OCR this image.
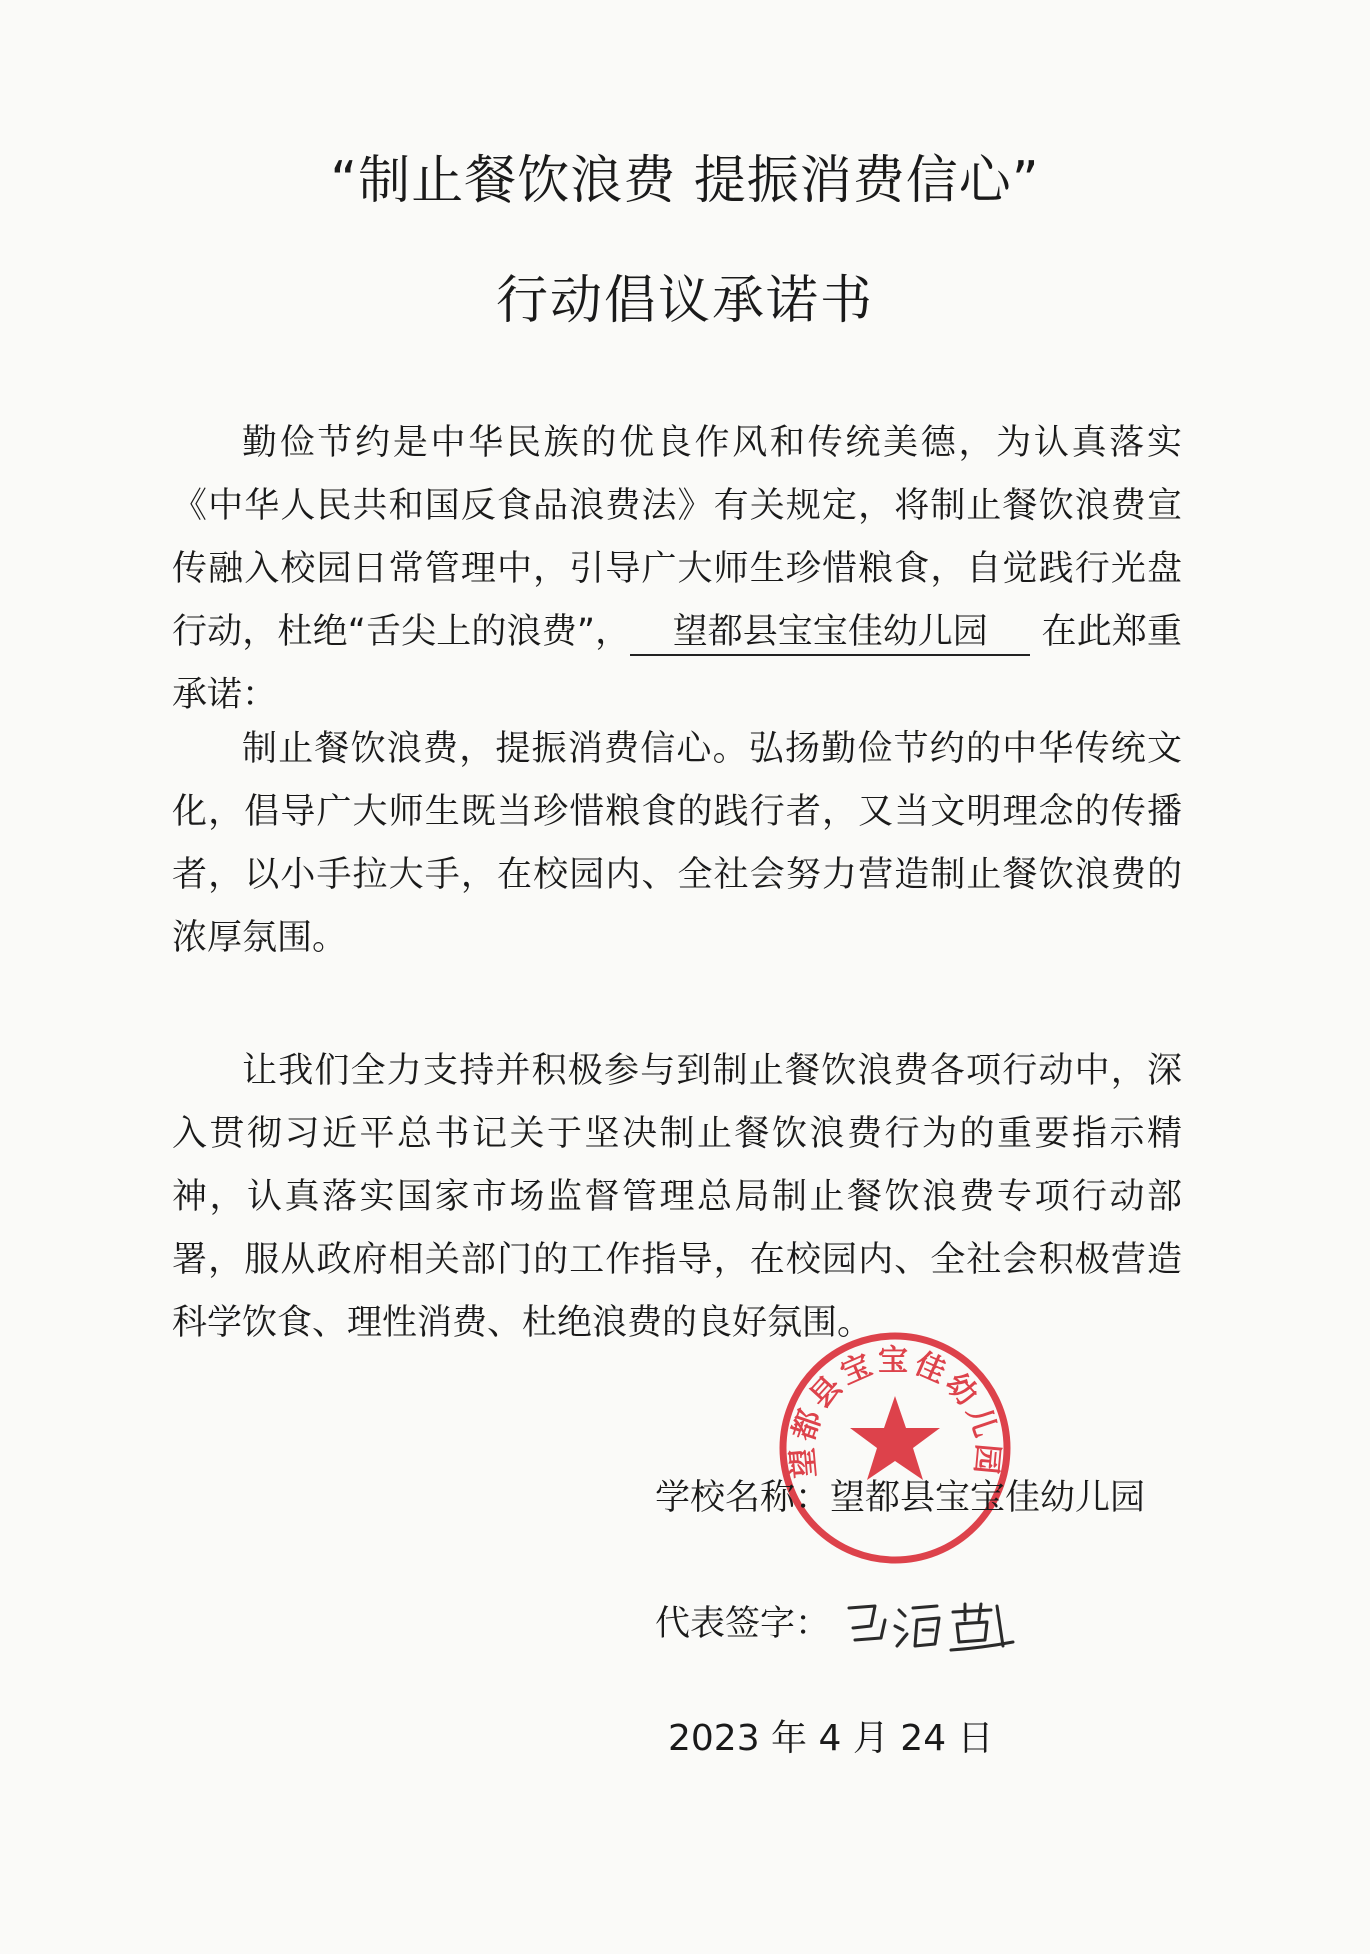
“制止餐饮浪费 提振消费信心”
行动倡议承诺书
勤俭节约是中华民族的优良作风和传统美德，为认真落实《中华人民共和国反食品浪费法》有关规定，将制止餐饮浪费宣传融入校园日常管理中，引导广大师生珍惜粮食，自觉践行光盘行动，杜绝“舌尖上的浪费”， 望都县宝宝佳幼儿园 在此郑重承诺：
制止餐饮浪费，提振消费信心。弘扬勤俭节约的中华传统文化，倡导广大师生既当珍惜粮食的践行者，又当文明理念的传播者，以小手拉大手，在校园内、全社会努力营造制止餐饮浪费的浓厚氛围。
让我们全力支持并积极参与到制止餐饮浪费各项行动中，深入贯彻习近平总书记关于坚决制止餐饮浪费行为的重要指示精神，认真落实国家市场监督管理总局制止餐饮浪费专项行动部署，服从政府相关部门的工作指导，在校园内、全社会积极营造科学饮食、理性消费、杜绝浪费的良好氛围。
望都县宝宝佳幼儿园
学校名称：望都县宝宝佳幼儿园
代表签字：
2023 年 4 月 24 日
